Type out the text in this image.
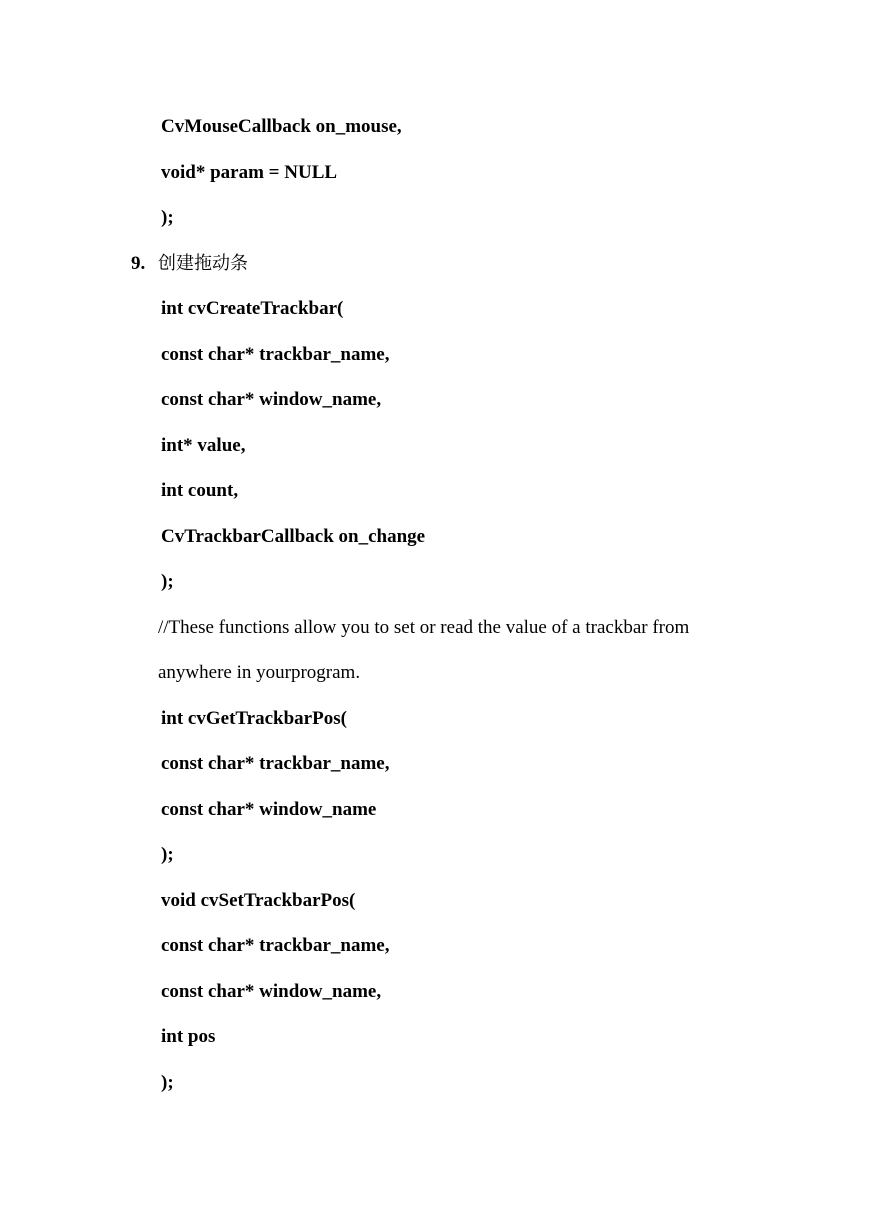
CvMouseCallback on_mouse,
void* param = NULL
);
9. 创建拖动条
int cvCreateTrackbar(
const char* trackbar_name,
const char* window_name,
int* value,
int count,
CvTrackbarCallback on_change
);
//These functions allow you to set or read the value of a trackbar from
anywhere in yourprogram.
int cvGetTrackbarPos(
const char* trackbar_name,
const char* window_name
);
void cvSetTrackbarPos(
const char* trackbar_name,
const char* window_name,
int pos
);
